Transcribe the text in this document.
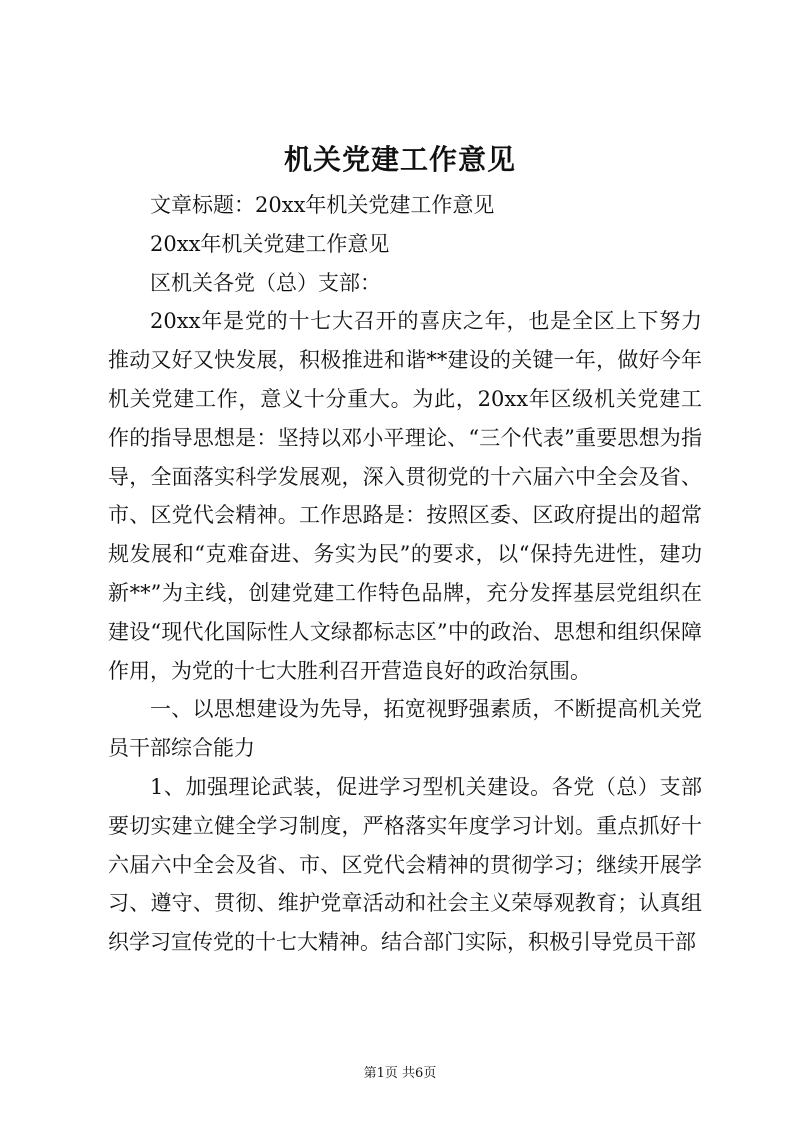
机关党建工作意见

文章标题：20xx年机关党建工作意见

20xx年机关党建工作意见

区机关各党（总）支部：

20xx年是党的十七大召开的喜庆之年，也是全区上下努力推动又好又快发展，积极推进和谐**建设的关键一年，做好今年机关党建工作，意义十分重大。为此，20xx年区级机关党建工作的指导思想是：坚持以邓小平理论、“三个代表”重要思想为指导，全面落实科学发展观，深入贯彻党的十六届六中全会及省、市、区党代会精神。工作思路是：按照区委、区政府提出的超常规发展和“克难奋进、务实为民”的要求，以“保持先进性，建功新**”为主线，创建党建工作特色品牌，充分发挥基层党组织在建设“现代化国际性人文绿都标志区”中的政治、思想和组织保障作用，为党的十七大胜利召开营造良好的政治氛围。

一、以思想建设为先导，拓宽视野强素质，不断提高机关党员干部综合能力

1、加强理论武装，促进学习型机关建设。各党（总）支部要切实建立健全学习制度，严格落实年度学习计划。重点抓好十六届六中全会及省、市、区党代会精神的贯彻学习；继续开展学习、遵守、贯彻、维护党章活动和社会主义荣辱观教育；认真组织学习宣传党的十七大精神。结合部门实际，积极引导党员干部

第1页 共6页
